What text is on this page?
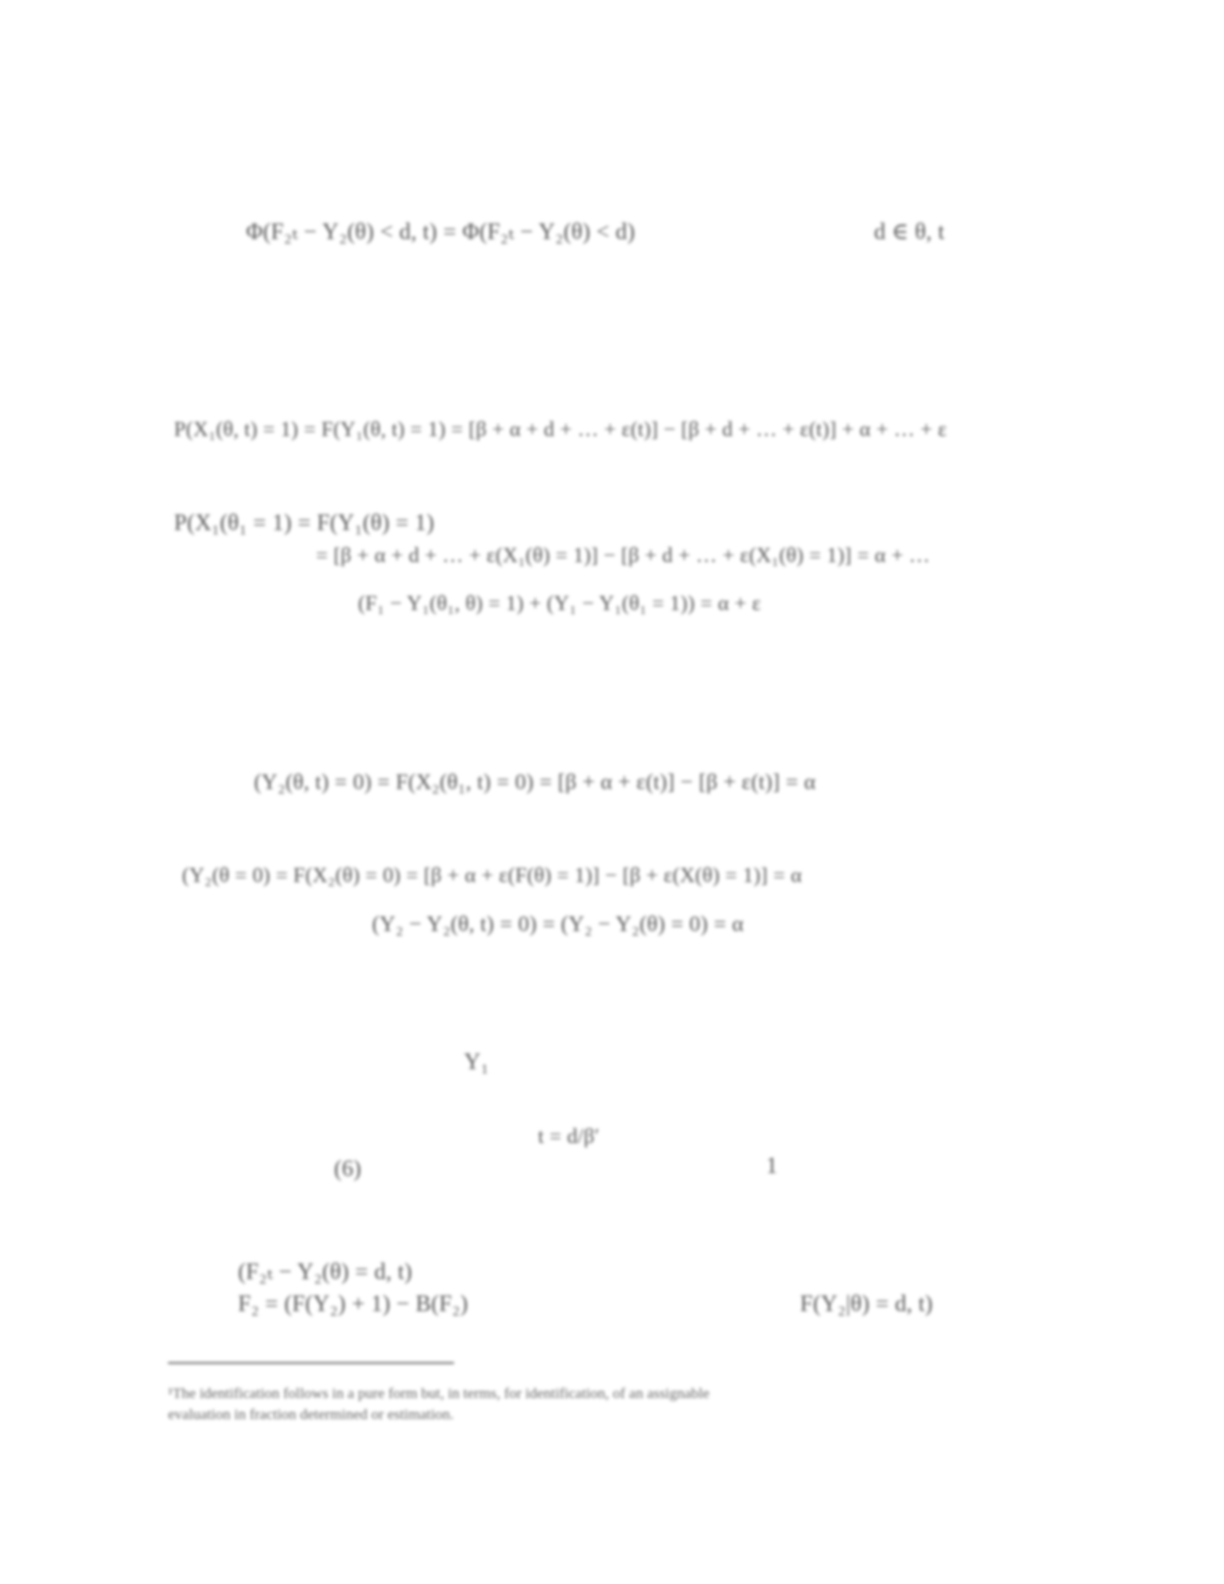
Φ(F₂ₜ − Y₂(θ) < d, t) = Φ(F₂ₜ − Y₂(θ) < d)	d ∈ θ, t
P(X₁(θ, t) = 1) = F(Y₁(θ, t) = 1) = [β + α + d + … + ε(t)] − [β + d + … + ε(t)] + α + … + ε
P(X₁(θ₁ = 1) = F(Y₁(θ) = 1)
= [β + α + d + … + ε(X₁(θ) = 1)] − [β + d + … + ε(X₁(θ) = 1)] = α + …
(F₁ − Y₁(θ₁, θ) = 1) + (Y₁ − Y₁(θ₁ = 1)) = α + ε
(Y₂(θ, t) = 0) = F(X₂(θ₁, t) = 0) = [β + α + ε(t)] − [β + ε(t)] = α
(Y₂(θ = 0) = F(X₂(θ) = 0) = [β + α + ε(F(θ) = 1)] − [β + ε(X(θ) = 1)] = α
(Y₂ − Y₂(θ, t) = 0) = (Y₂ − Y₂(θ) = 0) = α
Y₁
t = d/β′
(6)	1
(F₂ₜ − Y₂(θ) = d, t)
F₂ = (F(Y₂) + 1) − B(F₂)	F(Y₂|θ) = d, t)

¹The identification follows in a pure form but, in terms, for identification, of an assignable

evaluation in fraction determined or estimation.
